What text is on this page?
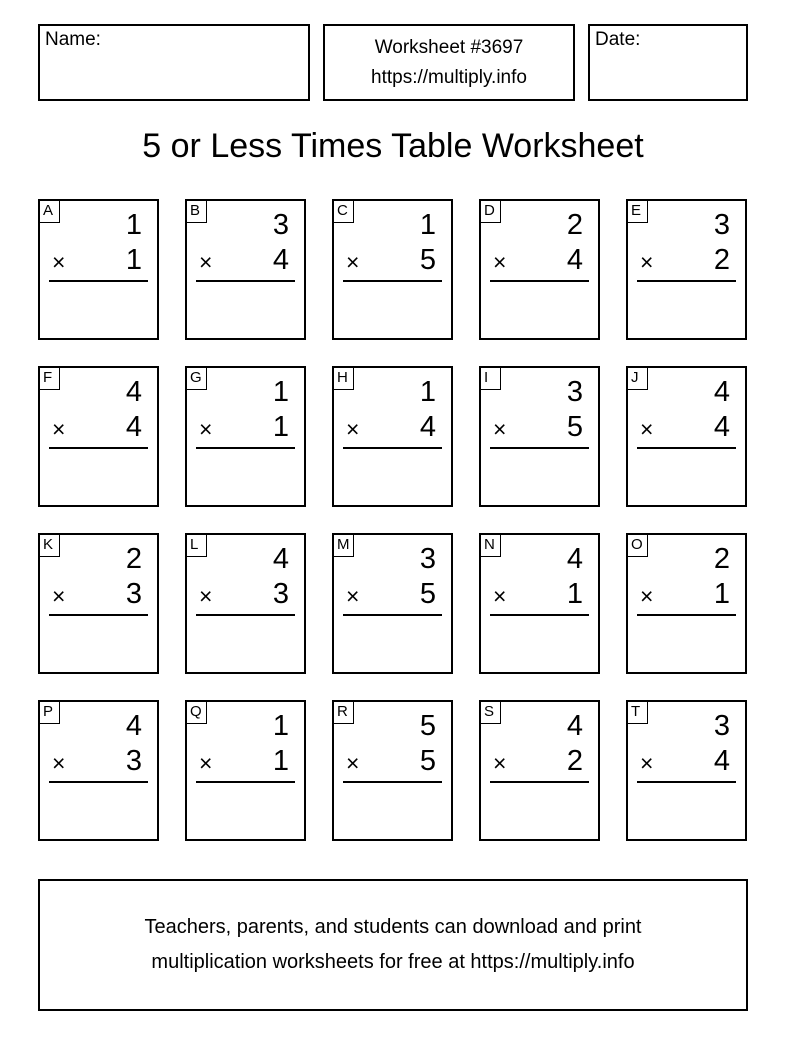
Name:	Worksheet #3697
https://multiply.info
Date:
5 or Less Times Table Worksheet
A	1
× 1
B	3
× 4
C 1
× 5
D 2
× 4
E	3
× 2
F	4
× 4
G 1
× 1
H 1
× 4
I	3
× 5
J	4
× 4
K	2
× 3
L	4
× 3
M 3
× 5
N 4
× 1
O 2
× 1
P	4
× 3
Q 1
× 1
R 5
× 5
S	4
× 2
T	3
× 4
Teachers, parents, and students can download and print
multiplication worksheets for free at https://multiply.info
